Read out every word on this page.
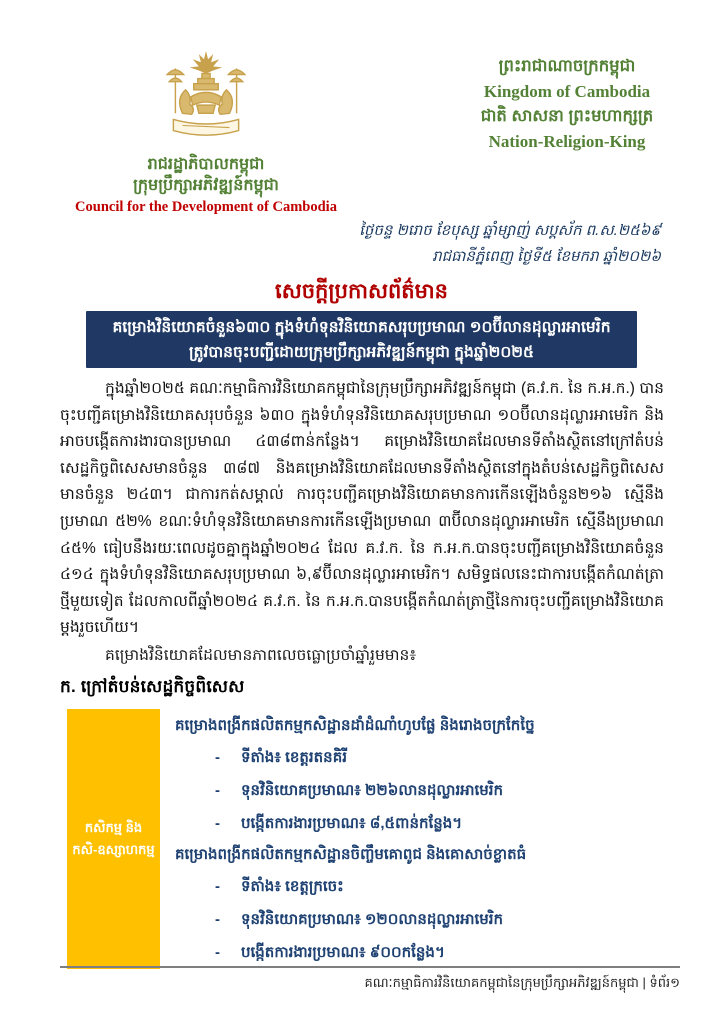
រាជរដ្ឋាភិបាលកម្ពុជា
ក្រុមប្រឹក្សាអភិវឌ្ឍន៍កម្ពុជា
Council for the Development of Cambodia
ព្រះរាជាណាចក្រកម្ពុជា
Kingdom of Cambodia
ជាតិ សាសនា ព្រះមហាក្សត្រ
Nation-Religion-King
ថ្ងៃចន្ទ ២រោច ខែបុស្ស ឆ្នាំម្សាញ់ សប្តស័ក ព.ស.២៥៦៩
រាជធានីភ្នំពេញ ថ្ងៃទី៥ ខែមករា ឆ្នាំ២០២៦
សេចក្តីប្រកាសព័ត៌មាន
គម្រោងវិនិយោគចំនួន៦៣០ ក្នុងទំហំទុនវិនិយោគសរុបប្រមាណ ១០ប៊ីលានដុល្លារអាមេរិក
ត្រូវបានចុះបញ្ជីដោយក្រុមប្រឹក្សាអភិវឌ្ឍន៍កម្ពុជា ក្នុងឆ្នាំ២០២៥
ក្នុងឆ្នាំ២០២៥ គណៈកម្មាធិការវិនិយោគកម្ពុជានៃក្រុមប្រឹក្សាអភិវឌ្ឍន៍កម្ពុជា (គ.វ.ក. នៃ ក.អ.ក.) បានចុះបញ្ជីគម្រោងវិនិយោគសរុបចំនួន ៦៣០ ក្នុងទំហំទុនវិនិយោគសរុបប្រមាណ ១០ប៊ីលានដុល្លារអាមេរិក និងអាចបង្កើតការងារបានប្រមាណ ៤៣៨ពាន់កន្លែង។ គម្រោងវិនិយោគដែលមានទីតាំងស្ថិតនៅក្រៅតំបន់សេដ្ឋកិច្ចពិសេសមានចំនួន ៣៨៧ និងគម្រោងវិនិយោគដែលមានទីតាំងស្ថិតនៅក្នុងតំបន់សេដ្ឋកិច្ចពិសេសមានចំនួន ២៤៣។ ជាការកត់សម្គាល់ ការចុះបញ្ជីគម្រោងវិនិយោគមានការកើនឡើងចំនួន២១៦ ស្មើនឹងប្រមាណ ៥២% ខណៈទំហំទុនវិនិយោគមានការកើនឡើងប្រមាណ ៣ប៊ីលានដុល្លារអាមេរិក ស្មើនឹងប្រមាណ ៤៥% ធៀបនឹងរយៈពេលដូចគ្នាក្នុងឆ្នាំ២០២៤ ដែល គ.វ.ក. នៃ ក.អ.ក.បានចុះបញ្ជីគម្រោងវិនិយោគចំនួន ៤១៤ ក្នុងទំហំទុនវិនិយោគសរុបប្រមាណ ៦,៩ប៊ីលានដុល្លារអាមេរិក។ សមិទ្ធផលនេះជាការបង្កើតកំណត់ត្រាថ្មីមួយទៀត ដែលកាលពីឆ្នាំ២០២៤ គ.វ.ក. នៃ ក.អ.ក.បានបង្កើតកំណត់ត្រាថ្មីនៃការចុះបញ្ជីគម្រោងវិនិយោគម្ដងរួចហើយ។
គម្រោងវិនិយោគដែលមានភាពលេចធ្លោប្រចាំឆ្នាំរួមមាន៖
ក. ក្រៅតំបន់សេដ្ឋកិច្ចពិសេស
កសិកម្ម និង
កសិ-ឧស្សាហកម្ម
គម្រោងពង្រីកផលិតកម្មកសិដ្ឋានដាំដំណាំហូបផ្លែ និងរោងចក្រកែច្នៃ
-	ទីតាំង៖ ខេត្តរតនគិរី
-	ទុនវិនិយោគប្រមាណ៖ ២២៦លានដុល្លារអាមេរិក
-	បង្កើតការងារប្រមាណ៖ ៨,៥ពាន់កន្លែង។
គម្រោងពង្រីកផលិតកម្មកសិដ្ឋានចិញ្ចឹមគោពូជ និងគោសាច់ខ្លាតធំ
-	ទីតាំង៖ ខេត្តក្រចេះ
-	ទុនវិនិយោគប្រមាណ៖ ១២០លានដុល្លារអាមេរិក
-	បង្កើតការងារប្រមាណ៖ ៩០០កន្លែង។
គណៈកម្មាធិការវិនិយោគកម្ពុជានៃក្រុមប្រឹក្សាអភិវឌ្ឍន៍កម្ពុជា | ទំព័រ១
